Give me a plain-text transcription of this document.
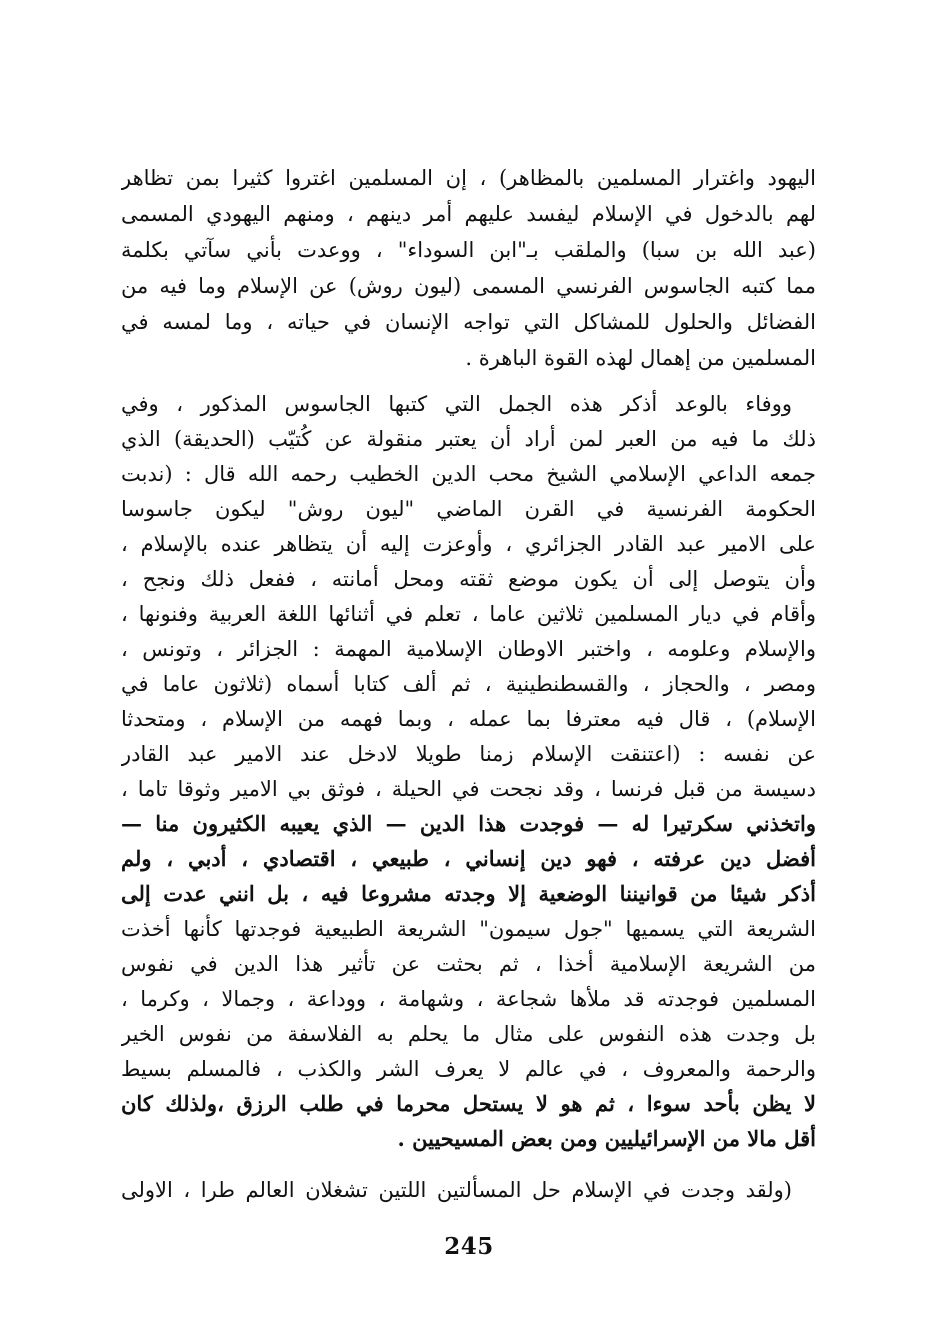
اليهود واغترار المسلمين بالمظاهر) ، إن المسلمين اغتروا كثيرا بمن تظاهر
لهم بالدخول في الإسلام ليفسد عليهم أمر دينهم ، ومنهم اليهودي المسمى
(عبد الله بن سبا) والملقب بـ"ابن السوداء" ، ووعدت بأني سآتي بكلمة
مما كتبه الجاسوس الفرنسي المسمى (ليون روش) عن الإسلام وما فيه من
الفضائل والحلول للمشاكل التي تواجه الإنسان في حياته ، وما لمسه في
المسلمين من إهمال لهذه القوة الباهرة .
ووفاء بالوعد أذكر هذه الجمل التي كتبها الجاسوس المذكور ، وفي
ذلك ما فيه من العبر لمن أراد أن يعتبر منقولة عن كُتيّب (الحديقة) الذي
جمعه الداعي الإسلامي الشيخ محب الدين الخطيب رحمه الله قال : (ندبت
الحكومة الفرنسية في القرن الماضي "ليون روش" ليكون جاسوسا
على الامير عبد القادر الجزائري ، وأوعزت إليه أن يتظاهر عنده بالإسلام ،
وأن يتوصل إلى أن يكون موضع ثقته ومحل أمانته ، ففعل ذلك ونجح ،
وأقام في ديار المسلمين ثلاثين عاما ، تعلم في أثنائها اللغة العربية وفنونها ،
والإسلام وعلومه ، واختبر الاوطان الإسلامية المهمة : الجزائر ، وتونس ،
ومصر ، والحجاز ، والقسطنطينية ، ثم ألف كتابا أسماه (ثلاثون عاما في
الإسلام) ، قال فيه معترفا بما عمله ، وبما فهمه من الإسلام ، ومتحدثا
عن نفسه : (اعتنقت الإسلام زمنا طويلا لادخل عند الامير عبد القادر
دسيسة من قبل فرنسا ، وقد نجحت في الحيلة ، فوثق بي الامير وثوقا تاما ،
واتخذني سكرتيرا له — فوجدت هذا الدين — الذي يعيبه الكثيرون منا —
أفضل دين عرفته ، فهو دين إنساني ، طبيعي ، اقتصادي ، أدبي ، ولم
أذكر شيئا من قوانيننا الوضعية إلا وجدته مشروعا فيه ، بل انني عدت إلى
الشريعة التي يسميها "جول سيمون" الشريعة الطبيعية فوجدتها كأنها أخذت
من الشريعة الإسلامية أخذا ، ثم بحثت عن تأثير هذا الدين في نفوس
المسلمين فوجدته قد ملأها شجاعة ، وشهامة ، ووداعة ، وجمالا ، وكرما ،
بل وجدت هذه النفوس على مثال ما يحلم به الفلاسفة من نفوس الخير
والرحمة والمعروف ، في عالم لا يعرف الشر والكذب ، فالمسلم بسيط
لا يظن بأحد سوءا ، ثم هو لا يستحل محرما في طلب الرزق ،ولذلك كان
أقل مالا من الإسرائيليين ومن بعض المسيحيين .
(ولقد وجدت في الإسلام حل المسألتين اللتين تشغلان العالم طرا ، الاولى
245
